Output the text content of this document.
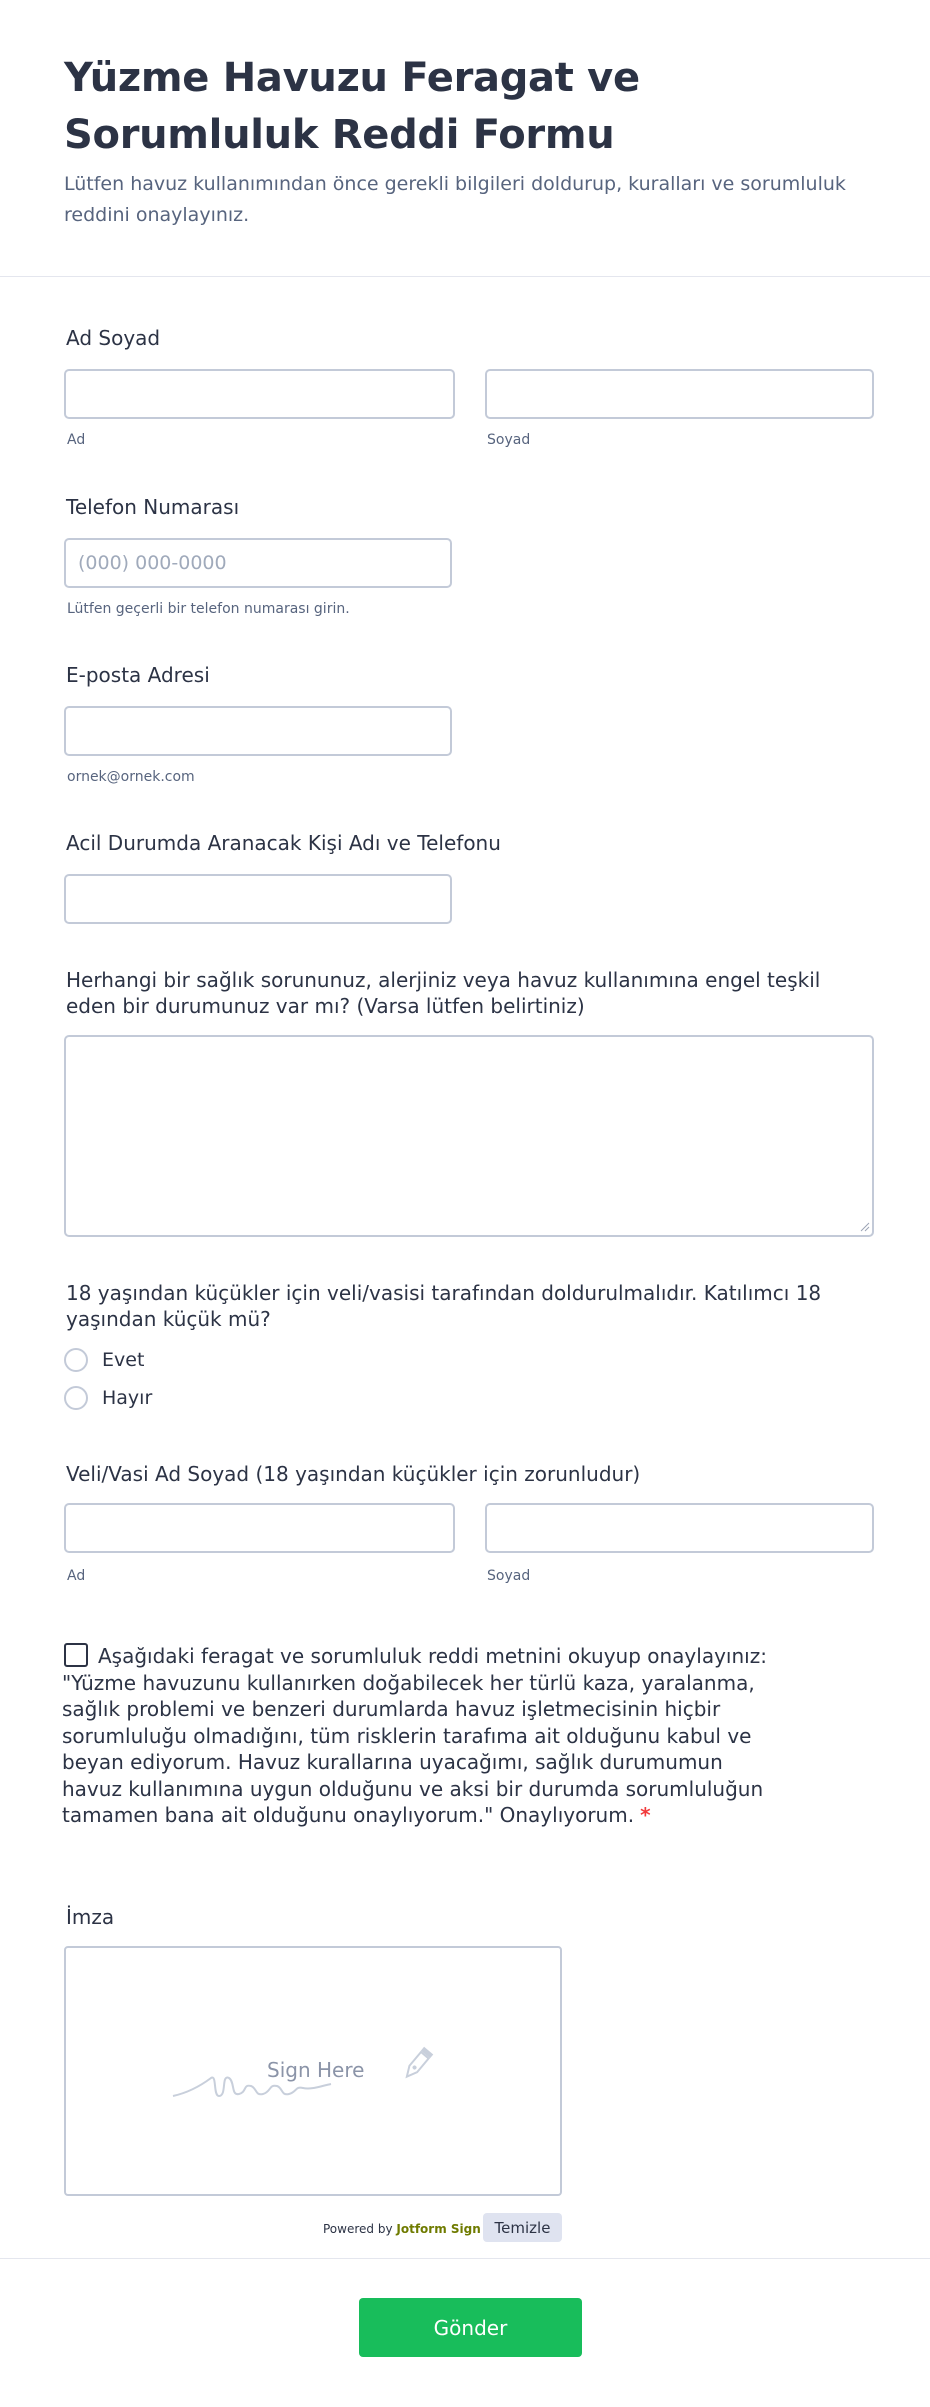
Yüzme Havuzu Feragat ve Sorumluluk Reddi Formu

Lütfen havuz kullanımından önce gerekli bilgileri doldurup, kuralları ve sorumluluk reddini onaylayınız.

Ad Soyad
Ad	Soyad
Telefon Numarası
(000) 000-0000
Lütfen geçerli bir telefon numarası girin.
E-posta Adresi
ornek@ornek.com
Acil Durumda Aranacak Kişi Adı ve Telefonu
Herhangi bir sağlık sorununuz, alerjiniz veya havuz kullanımına engel teşkil eden bir durumunuz var mı? (Varsa lütfen belirtiniz)
18 yaşından küçükler için veli/vasisi tarafından doldurulmalıdır. Katılımcı 18 yaşından küçük mü?
Evet
Hayır
Veli/Vasi Ad Soyad (18 yaşından küçükler için zorunludur)
Ad	Soyad

Aşağıdaki feragat ve sorumluluk reddi metnini okuyup onaylayınız: "Yüzme havuzunu kullanırken doğabilecek her türlü kaza, yaralanma, sağlık problemi ve benzeri durumlarda havuz işletmecisinin hiçbir sorumluluğu olmadığını, tüm risklerin tarafıma ait olduğunu kabul ve beyan ediyorum. Havuz kurallarına uyacağımı, sağlık durumumun havuz kullanımına uygun olduğunu ve aksi bir durumda sorumluluğun tamamen bana ait olduğunu onaylıyorum." Onaylıyorum. *

İmza
Sign Here
Powered by Jotform Sign Temizle
Gönder
